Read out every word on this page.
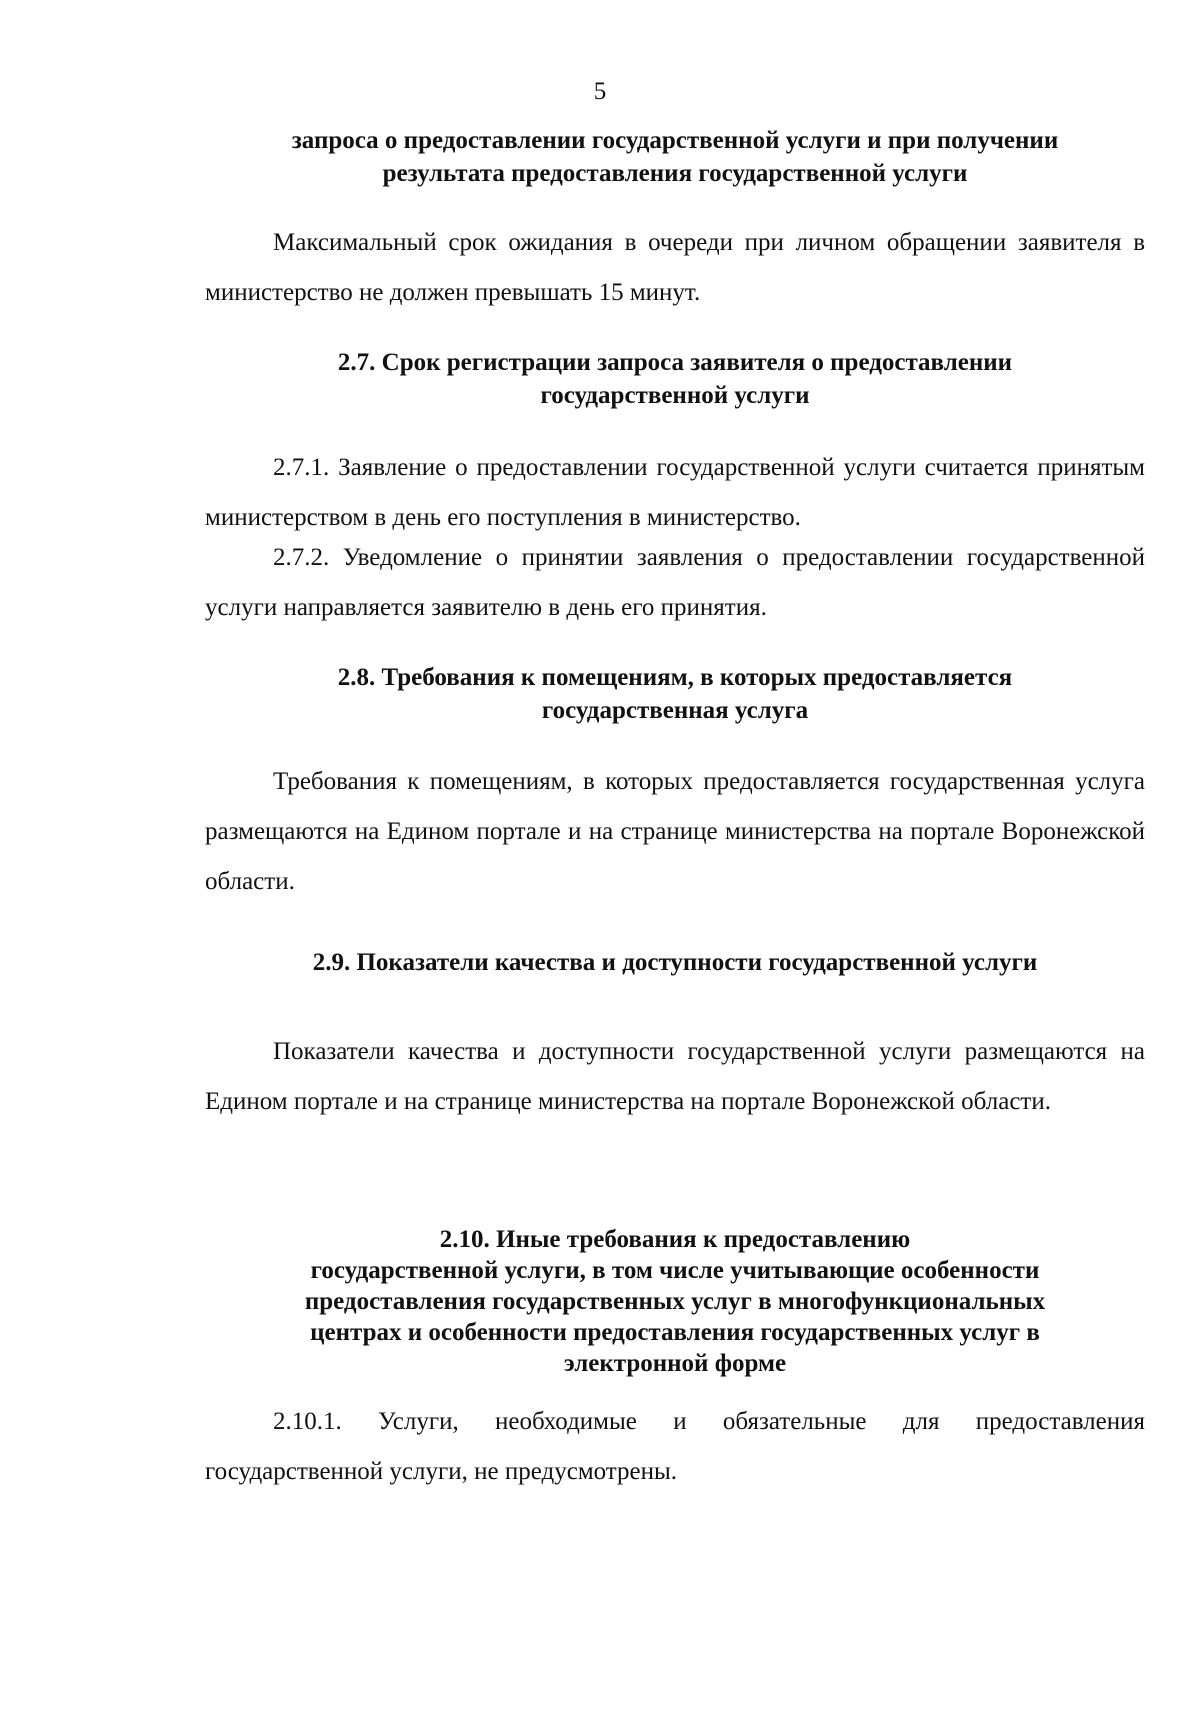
5
запроса о предоставлении государственной услуги и при получении
результата предоставления государственной услуги
Максимальный срок ожидания в очереди при личном обращении заявителя в министерство не должен превышать 15 минут.
2.7. Срок регистрации запроса заявителя о предоставлении
государственной услуги
2.7.1. Заявление о предоставлении государственной услуги считается принятым министерством в день его поступления в министерство.
2.7.2. Уведомление о принятии заявления о предоставлении государственной услуги направляется заявителю в день его принятия.
2.8. Требования к помещениям, в которых предоставляется
государственная услуга
Требования к помещениям, в которых предоставляется государственная услуга размещаются на Едином портале и на странице министерства на портале Воронежской области.
2.9. Показатели качества и доступности государственной услуги
Показатели качества и доступности государственной услуги размещаются на Едином портале и на странице министерства на портале Воронежской области.
2.10. Иные требования к предоставлению
государственной услуги, в том числе учитывающие особенности
предоставления государственных услуг в многофункциональных
центрах и особенности предоставления государственных услуг в
электронной форме
2.10.1. Услуги, необходимые и обязательные для предоставления государственной услуги, не предусмотрены.
